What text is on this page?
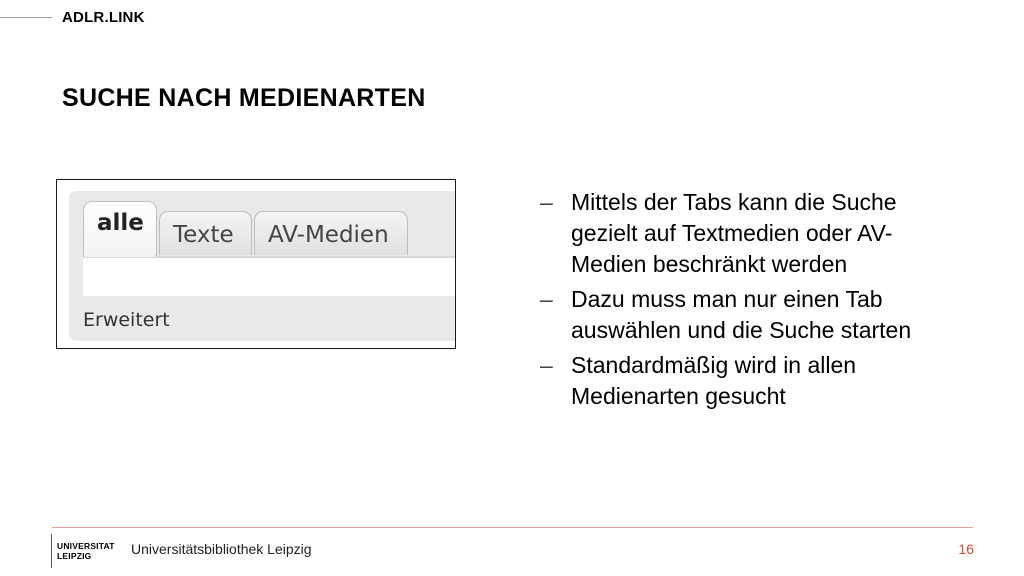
ADLR.LINK
SUCHE NACH MEDIENARTEN
Texte	AV-Medien
alle
Erweitert
– Mittels der Tabs kann die Suche gezielt auf Textmedien oder AV-Medien beschränkt werden
– Dazu muss man nur einen Tab auswählen und die Suche starten
– Standardmäßig wird in allen Medienarten gesucht
UNIVERSITAT
LEIPZIG	Universitätsbibliothek Leipzig	16
